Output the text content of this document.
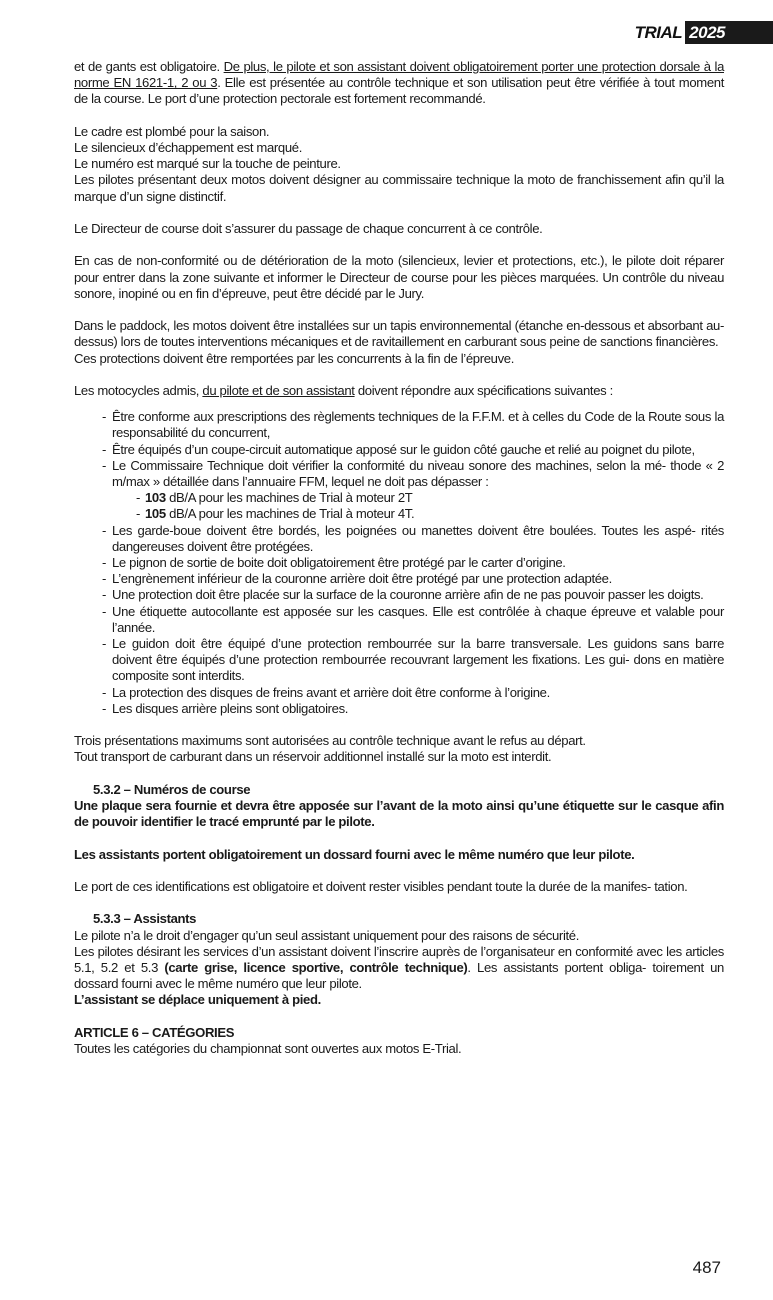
TRIAL 2025

et de gants est obligatoire. De plus, le pilote et son assistant doivent obligatoirement porter une protection dorsale à la norme EN 1621-1, 2 ou 3. Elle est présentée au contrôle technique et son utilisation peut être vérifiée à tout moment de la course. Le port d’une protection pectorale est fortement recommandé.

Le cadre est plombé pour la saison.

Le silencieux d’échappement est marqué.

Le numéro est marqué sur la touche de peinture.

Les pilotes présentant deux motos doivent désigner au commissaire technique la moto de franchissement afin qu’il la marque d’un signe distinctif.

Le Directeur de course doit s’assurer du passage de chaque concurrent à ce contrôle.

En cas de non-conformité ou de détérioration de la moto (silencieux, levier et protections, etc.), le pilote doit réparer pour entrer dans la zone suivante et informer le Directeur de course pour les pièces marquées. Un contrôle du niveau sonore, inopiné ou en fin d’épreuve, peut être décidé par le Jury.

Dans le paddock, les motos doivent être installées sur un tapis environnemental (étanche en-dessous et absorbant au-dessus) lors de toutes interventions mécaniques et de ravitaillement en carburant sous peine de sanctions financières.

Ces protections doivent être remportées par les concurrents à la fin de l’épreuve.

Les motocycles admis, du pilote et de son assistant doivent répondre aux spécifications suivantes :

- Être conforme aux prescriptions des règlements techniques de la F.F.M. et à celles du Code de la Route sous la responsabilité du concurrent,
- Être équipés d’un coupe-circuit automatique apposé sur le guidon côté gauche et relié au poignet du pilote,
- Le Commissaire Technique doit vérifier la conformité du niveau sonore des machines, selon la mé- thode « 2 m/max » détaillée dans l’annuaire FFM, lequel ne doit pas dépasser :
- 103 dB/A pour les machines de Trial à moteur 2T
- 105 dB/A pour les machines de Trial à moteur 4T.
- Les garde-boue doivent être bordés, les poignées ou manettes doivent être boulées. Toutes les aspé- rités dangereuses doivent être protégées.
- Le pignon de sortie de boite doit obligatoirement être protégé par le carter d’origine.
- L’engrènement inférieur de la couronne arrière doit être protégé par une protection adaptée.
- Une protection doit être placée sur la surface de la couronne arrière afin de ne pas pouvoir passer les doigts.
- Une étiquette autocollante est apposée sur les casques. Elle est contrôlée à chaque épreuve et valable pour l’année.
- Le guidon doit être équipé d’une protection rembourrée sur la barre transversale. Les guidons sans barre doivent être équipés d’une protection rembourrée recouvrant largement les fixations. Les gui- dons en matière composite sont interdits.
- La protection des disques de freins avant et arrière doit être conforme à l’origine.
- Les disques arrière pleins sont obligatoires.

Trois présentations maximums sont autorisées au contrôle technique avant le refus au départ.

Tout transport de carburant dans un réservoir additionnel installé sur la moto est interdit.

5.3.2 – Numéros de course

Une plaque sera fournie et devra être apposée sur l’avant de la moto ainsi qu’une étiquette sur le casque afin de pouvoir identifier le tracé emprunté par le pilote.

Les assistants portent obligatoirement un dossard fourni avec le même numéro que leur pilote.

Le port de ces identifications est obligatoire et doivent rester visibles pendant toute la durée de la manifes- tation.

5.3.3 – Assistants

Le pilote n’a le droit d’engager qu’un seul assistant uniquement pour des raisons de sécurité.

Les pilotes désirant les services d’un assistant doivent l’inscrire auprès de l’organisateur en conformité avec les articles 5.1, 5.2 et 5.3 (carte grise, licence sportive, contrôle technique). Les assistants portent obliga- toirement un dossard fourni avec le même numéro que leur pilote.

L’assistant se déplace uniquement à pied.

ARTICLE 6 – CATÉGORIES

Toutes les catégories du championnat sont ouvertes aux motos E-Trial.

487
